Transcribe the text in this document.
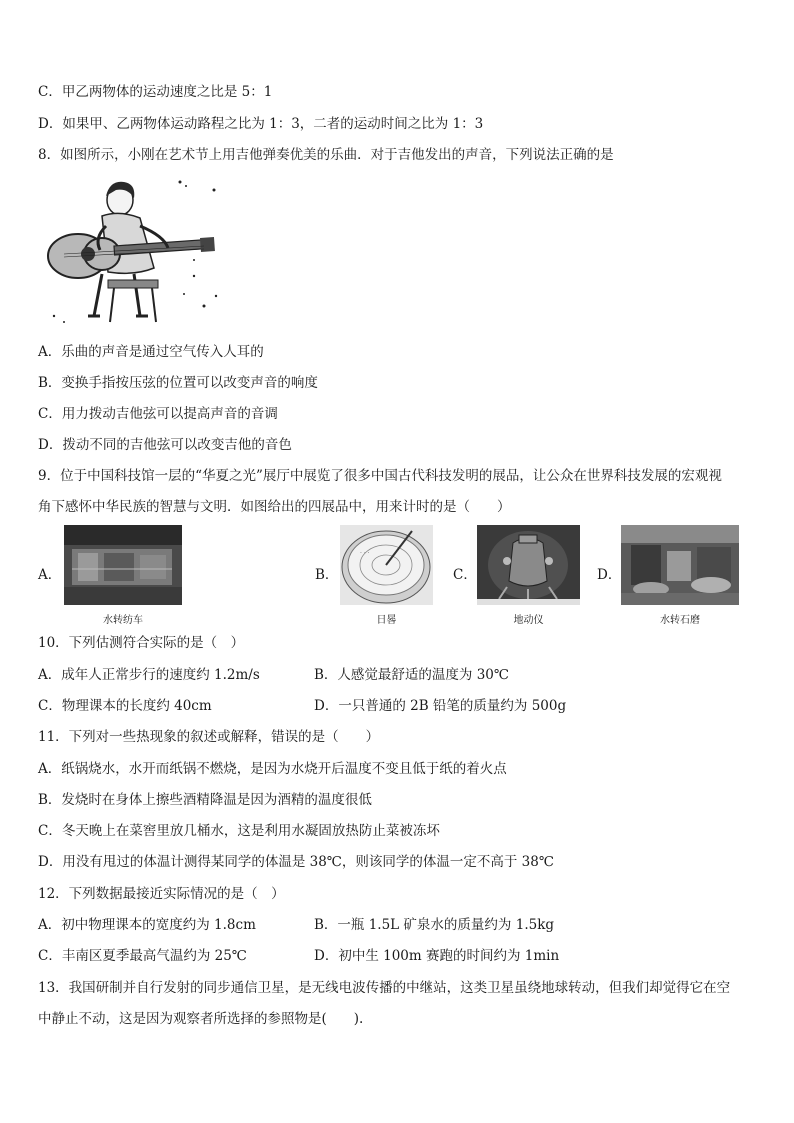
C．甲乙两物体的运动速度之比是 5：1
D．如果甲、乙两物体运动路程之比为 1：3，二者的运动时间之比为 1：3
8．如图所示，小刚在艺术节上用吉他弹奏优美的乐曲．对于吉他发出的声音，下列说法正确的是
A．乐曲的声音是通过空气传入人耳的
B．变换手指按压弦的位置可以改变声音的响度
C．用力拨动吉他弦可以提高声音的音调
D．拨动不同的吉他弦可以改变吉他的音色
9．位于中国科技馆一层的“华夏之光”展厅中展览了很多中国古代科技发明的展品，让公众在世界科技发展的宏观视
角下感怀中华民族的智慧与文明．如图给出的四展品中，用来计时的是（　　）
A．
水转纺车
B．
· · ·
日晷
C．
地动仪
D．
水转石磨
10．下列估测符合实际的是（　）
A．成年人正常步行的速度约 1.2m/s	B．人感觉最舒适的温度为 30℃
C．物理课本的长度约 40cm	D．一只普通的 2B 铅笔的质量约为 500g
11．下列对一些热现象的叙述或解释，错误的是（　　）
A．纸锅烧水，水开而纸锅不燃烧，是因为水烧开后温度不变且低于纸的着火点
B．发烧时在身体上擦些酒精降温是因为酒精的温度很低
C．冬天晚上在菜窖里放几桶水，这是利用水凝固放热防止菜被冻坏
D．用没有甩过的体温计测得某同学的体温是 38℃，则该同学的体温一定不高于 38℃
12．下列数据最接近实际情况的是（　）
A．初中物理课本的宽度约为 1.8cm	B．一瓶 1.5L 矿泉水的质量约为 1.5kg
C．丰南区夏季最高气温约为 25℃	D．初中生 100m 赛跑的时间约为 1min
13．我国研制并自行发射的同步通信卫星，是无线电波传播的中继站，这类卫星虽绕地球转动，但我们却觉得它在空
中静止不动，这是因为观察者所选择的参照物是(　　).
